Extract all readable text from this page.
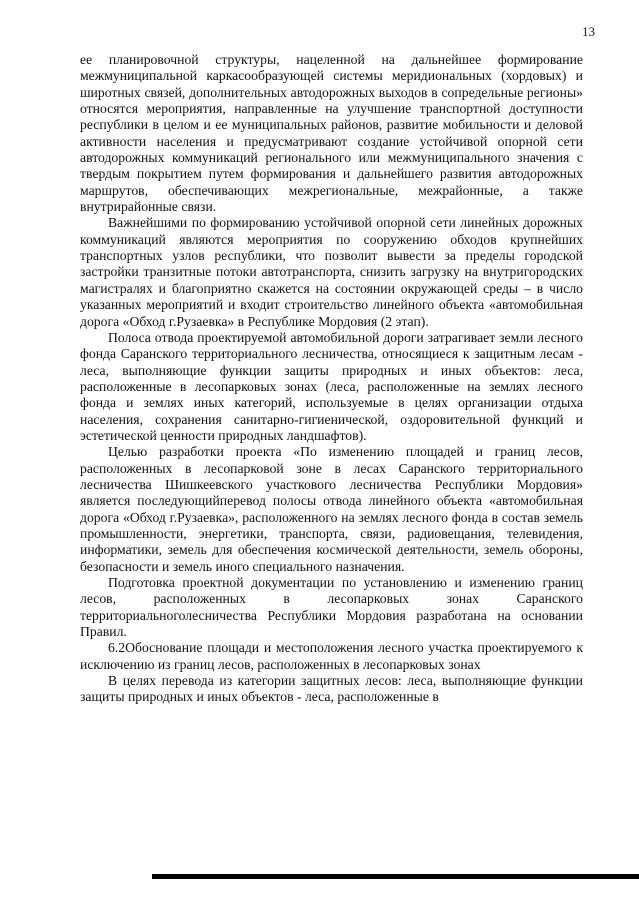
13

ее планировочной структуры, нацеленной на дальнейшее формирование межмуниципальной каркасообразующей системы меридиональных (хордовых) и широтных связей, дополнительных автодорожных выходов в сопредельные регионы» относятся мероприятия, направленные на улучшение транспортной доступности республики в целом и ее муниципальных районов, развитие мобильности и деловой активности населения и предусматривают создание устойчивой опорной сети автодорожных коммуникаций регионального или межмуниципального значения с твердым покрытием путем формирования и дальнейшего развития автодорожных маршрутов, обеспечивающих межрегиональные, межрайонные, а также внутрирайонные связи.

Важнейшими по формированию устойчивой опорной сети линейных дорожных коммуникаций являются мероприятия по сооружению обходов крупнейших транспортных узлов республики, что позволит вывести за пределы городской застройки транзитные потоки автотранспорта, снизить загрузку на внутригородских магистралях и благоприятно скажется на состоянии окружающей среды – в число указанных мероприятий и входит строительство линейного объекта «автомобильная дорога «Обход г.Рузаевка» в Республике Мордовия (2 этап).

Полоса отвода проектируемой автомобильной дороги затрагивает земли лесного фонда Саранского территориального лесничества, относящиеся к защитным лесам - леса, выполняющие функции защиты природных и иных объектов: леса, расположенные в лесопарковых зонах (леса, расположенные на землях лесного фонда и землях иных категорий, используемые в целях организации отдыха населения, сохранения санитарно-гигиенической, оздоровительной функций и эстетической ценности природных ландшафтов).

Целью разработки проекта «По изменению площадей и границ лесов, расположенных в лесопарковой зоне в лесах Саранского территориального лесничества Шишкеевского участкового лесничества Республики Мордовия» является последующийперевод полосы отвода линейного объекта «автомобильная дорога «Обход г.Рузаевка», расположенного на землях лесного фонда в состав земель промышленности, энергетики, транспорта, связи, радиовещания, телевидения, информатики, земель для обеспечения космической деятельности, земель обороны, безопасности и земель иного специального назначения.

Подготовка проектной документации по установлению и изменению границ лесов, расположенных в лесопарковых зонах Саранского территориальноголесничества Республики Мордовия разработана на основании Правил.

6.2Обоснование площади и местоположения лесного участка проектируемого к исключению из границ лесов, расположенных в лесопарковых зонах

В целях перевода из категории защитных лесов: леса, выполняющие функции защиты природных и иных объектов - леса, расположенные в
